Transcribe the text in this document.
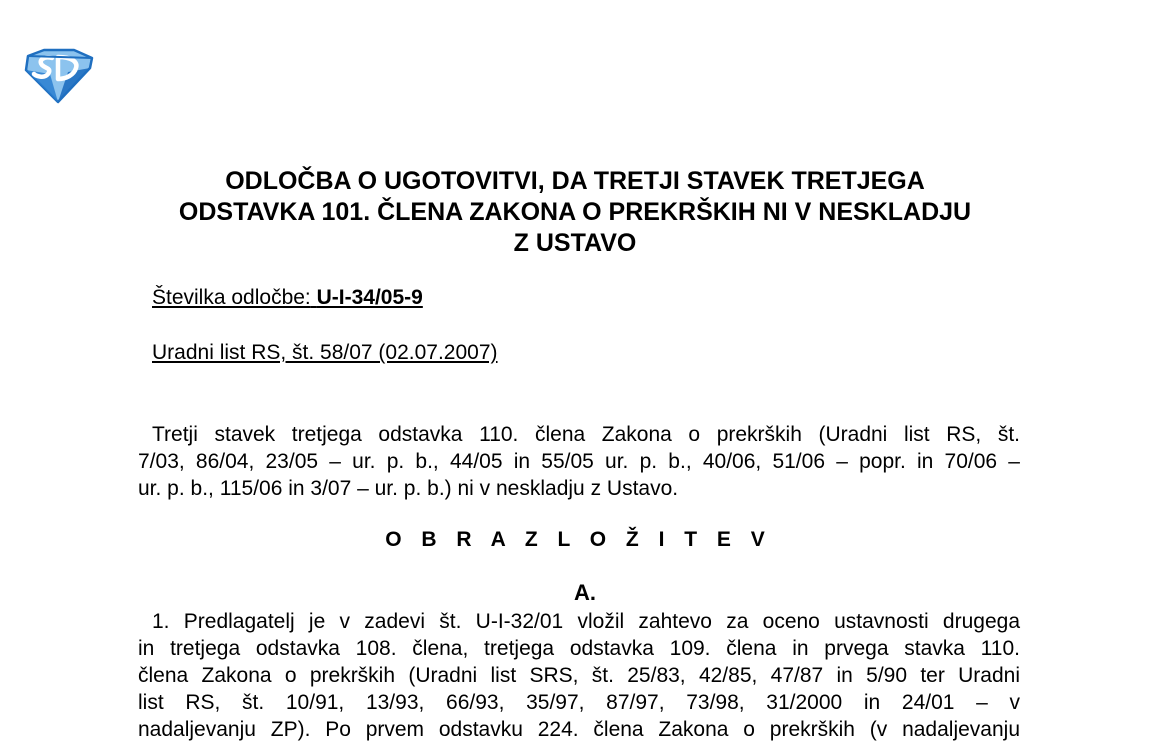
ODLOČBA O UGOTOVITVI, DA TRETJI STAVEK TRETJEGA
ODSTAVKA 101. ČLENA ZAKONA O PREKRŠKIH NI V NESKLADJU
Z USTAVO
Številka odločbe: U-I-34/05-9
Uradni list RS, št. 58/07 (02.07.2007)
Tretji stavek tretjega odstavka 110. člena Zakona o prekrških (Uradni list RS, št.
7/03, 86/04, 23/05 – ur. p. b., 44/05 in 55/05 ur. p. b., 40/06, 51/06 – popr. in 70/06 –
ur. p. b., 115/06 in 3/07 – ur. p. b.) ni v neskladju z Ustavo.
O B R A Z L O Ž I T E V
A.
1. Predlagatelj je v zadevi št. U-I-32/01 vložil zahtevo za oceno ustavnosti drugega
in tretjega odstavka 108. člena, tretjega odstavka 109. člena in prvega stavka 110.
člena Zakona o prekrških (Uradni list SRS, št. 25/83, 42/85, 47/87 in 5/90 ter Uradni
list RS, št. 10/91, 13/93, 66/93, 35/97, 87/97, 73/98, 31/2000 in 24/01 – v
nadaljevanju ZP). Po prvem odstavku 224. člena Zakona o prekrških (v nadaljevanju
